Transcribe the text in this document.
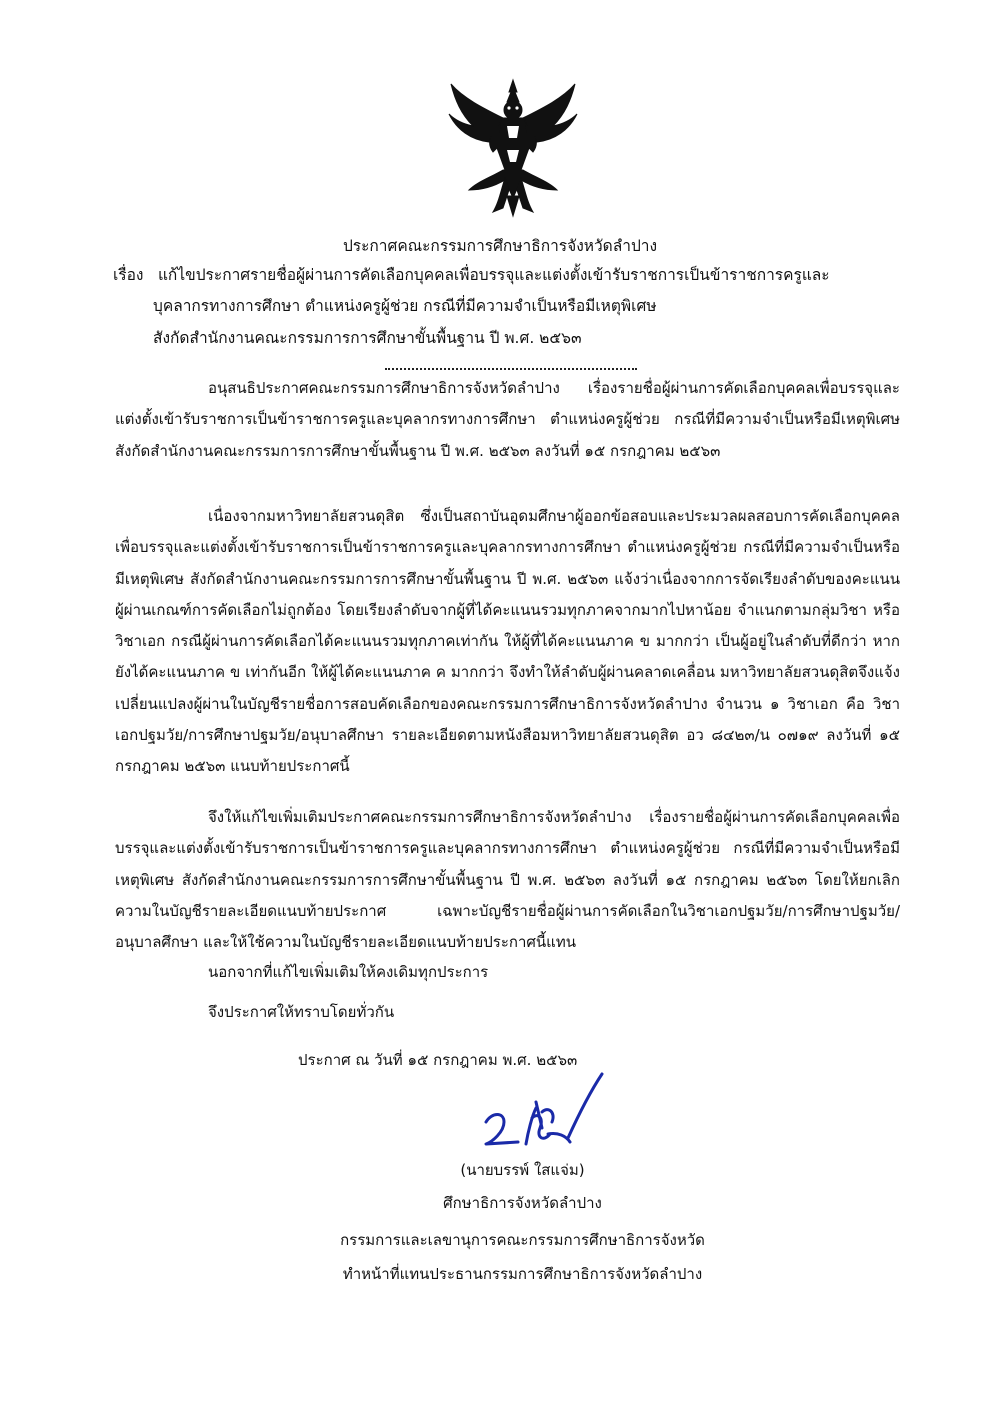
ประกาศคณะกรรมการศึกษาธิการจังหวัดลำปาง
เรื่อง แก้ไขประกาศรายชื่อผู้ผ่านการคัดเลือกบุคคลเพื่อบรรจุและแต่งตั้งเข้ารับราชการเป็นข้าราชการครูและ
บุคลากรทางการศึกษา ตำแหน่งครูผู้ช่วย กรณีที่มีความจำเป็นหรือมีเหตุพิเศษ
สังกัดสำนักงานคณะกรรมการการศึกษาขั้นพื้นฐาน ปี พ.ศ. ๒๕๖๓

อนุสนธิประกาศคณะกรรมการศึกษาธิการจังหวัดลำปาง เรื่องรายชื่อผู้ผ่านการคัดเลือกบุคคลเพื่อบรรจุและแต่งตั้งเข้ารับราชการเป็นข้าราชการครูและบุคลากรทางการศึกษา ตำแหน่งครูผู้ช่วย กรณีที่มีความจำเป็นหรือมีเหตุพิเศษ สังกัดสำนักงานคณะกรรมการการศึกษาขั้นพื้นฐาน ปี พ.ศ. ๒๕๖๓ ลงวันที่ ๑๕ กรกฎาคม ๒๕๖๓

เนื่องจากมหาวิทยาลัยสวนดุสิต ซึ่งเป็นสถาบันอุดมศึกษาผู้ออกข้อสอบและประมวลผลสอบการคัดเลือกบุคคลเพื่อบรรจุและแต่งตั้งเข้ารับราชการเป็นข้าราชการครูและบุคลากรทางการศึกษา ตำแหน่งครูผู้ช่วย กรณีที่มีความจำเป็นหรือมีเหตุพิเศษ สังกัดสำนักงานคณะกรรมการการศึกษาขั้นพื้นฐาน ปี พ.ศ. ๒๕๖๓ แจ้งว่าเนื่องจากการจัดเรียงลำดับของคะแนนผู้ผ่านเกณฑ์การคัดเลือกไม่ถูกต้อง โดยเรียงลำดับจากผู้ที่ได้คะแนนรวมทุกภาคจากมากไปหาน้อย จำแนกตามกลุ่มวิชา หรือวิชาเอก กรณีผู้ผ่านการคัดเลือกได้คะแนนรวมทุกภาคเท่ากัน ให้ผู้ที่ได้คะแนนภาค ข มากกว่า เป็นผู้อยู่ในลำดับที่ดีกว่า หากยังได้คะแนนภาค ข เท่ากันอีก ให้ผู้ได้คะแนนภาค ค มากกว่า จึงทำให้ลำดับผู้ผ่านคลาดเคลื่อน มหาวิทยาลัยสวนดุสิตจึงแจ้งเปลี่ยนแปลงผู้ผ่านในบัญชีรายชื่อการสอบคัดเลือกของคณะกรรมการศึกษาธิการจังหวัดลำปาง จำนวน ๑ วิชาเอก คือ วิชาเอกปฐมวัย/การศึกษาปฐมวัย/อนุบาลศึกษา รายละเอียดตามหนังสือมหาวิทยาลัยสวนดุสิต อว ๘๔๒๓/น ๐๗๑๙ ลงวันที่ ๑๕ กรกฎาคม ๒๕๖๓ แนบท้ายประกาศนี้

จึงให้แก้ไขเพิ่มเติมประกาศคณะกรรมการศึกษาธิการจังหวัดลำปาง เรื่องรายชื่อผู้ผ่านการคัดเลือกบุคคลเพื่อบรรจุและแต่งตั้งเข้ารับราชการเป็นข้าราชการครูและบุคลากรทางการศึกษา ตำแหน่งครูผู้ช่วย กรณีที่มีความจำเป็นหรือมีเหตุพิเศษ สังกัดสำนักงานคณะกรรมการการศึกษาขั้นพื้นฐาน ปี พ.ศ. ๒๕๖๓ ลงวันที่ ๑๕ กรกฎาคม ๒๕๖๓ โดยให้ยกเลิกความในบัญชีรายละเอียดแนบท้ายประกาศ เฉพาะบัญชีรายชื่อผู้ผ่านการคัดเลือกในวิชาเอกปฐมวัย/การศึกษาปฐมวัย/อนุบาลศึกษา และให้ใช้ความในบัญชีรายละเอียดแนบท้ายประกาศนี้แทน

นอกจากที่แก้ไขเพิ่มเติมให้คงเดิมทุกประการ
จึงประกาศให้ทราบโดยทั่วกัน
ประกาศ ณ วันที่ ๑๕ กรกฎาคม พ.ศ. ๒๕๖๓
(นายบรรพ์ ใสแจ่ม)
ศึกษาธิการจังหวัดลำปาง
กรรมการและเลขานุการคณะกรรมการศึกษาธิการจังหวัด
ทำหน้าที่แทนประธานกรรมการศึกษาธิการจังหวัดลำปาง
